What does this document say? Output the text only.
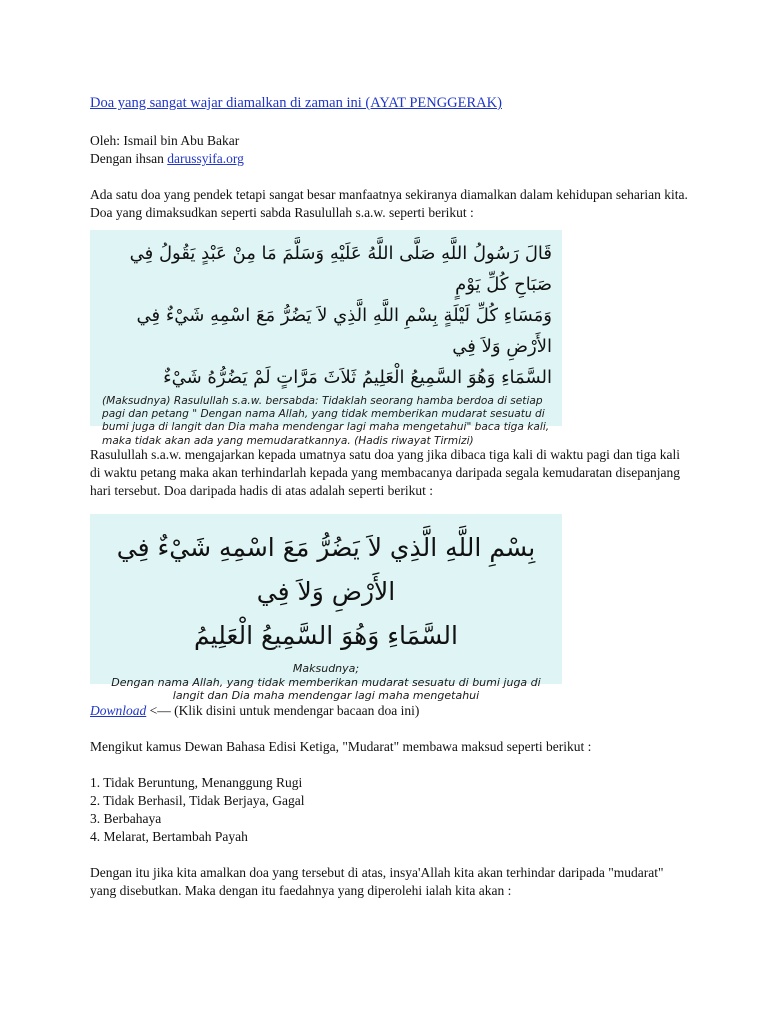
Doa yang sangat wajar diamalkan di zaman ini (AYAT PENGGERAK)

Oleh: Ismail bin Abu Bakar

Dengan ihsan darussyifa.org

Ada satu doa yang pendek tetapi sangat besar manfaatnya sekiranya diamalkan dalam kehidupan seharian kita. Doa yang dimaksudkan seperti sabda Rasulullah s.a.w. seperti berikut :

قَالَ رَسُولُ اللَّهِ صَلَّى اللَّهُ عَلَيْهِ وَسَلَّمَ مَا مِنْ عَبْدٍ يَقُولُ فِي صَبَاحِ كُلِّ يَوْمٍ
وَمَسَاءِ كُلِّ لَيْلَةٍ بِسْمِ اللَّهِ الَّذِي لاَ يَضُرُّ مَعَ اسْمِهِ شَيْءٌ فِي الأَرْضِ وَلاَ فِي
السَّمَاءِ وَهُوَ السَّمِيعُ الْعَلِيمُ ثَلاَثَ مَرَّاتٍ لَمْ يَضُرُّهُ شَيْءٌ
(Maksudnya) Rasulullah s.a.w. bersabda: Tidaklah seorang hamba berdoa di setiap pagi dan petang " Dengan nama Allah, yang tidak memberikan mudarat sesuatu di bumi juga di langit dan Dia maha mendengar lagi maha mengetahui" baca tiga kali, maka tidak akan ada yang memudaratkannya. (Hadis riwayat Tirmizi)

Rasulullah s.a.w. mengajarkan kepada umatnya satu doa yang jika dibaca tiga kali di waktu pagi dan tiga kali di waktu petang maka akan terhindarlah kepada yang membacanya daripada segala kemudaratan disepanjang hari tersebut. Doa daripada hadis di atas adalah seperti berikut :

بِسْمِ اللَّهِ الَّذِي لاَ يَضُرُّ مَعَ اسْمِهِ شَيْءٌ فِي الأَرْضِ وَلاَ فِي
السَّمَاءِ وَهُوَ السَّمِيعُ الْعَلِيمُ
Maksudnya;
Dengan nama Allah, yang tidak memberikan mudarat sesuatu di bumi juga di langit dan Dia maha mendengar lagi maha mengetahui

Download <— (Klik disini untuk mendengar bacaan doa ini)

Mengikut kamus Dewan Bahasa Edisi Ketiga, "Mudarat" membawa maksud seperti berikut :

1. Tidak Beruntung, Menanggung Rugi
2. Tidak Berhasil, Tidak Berjaya, Gagal
3. Berbahaya
4. Melarat, Bertambah Payah

Dengan itu jika kita amalkan doa yang tersebut di atas, insya'Allah kita akan terhindar daripada "mudarat" yang disebutkan. Maka dengan itu faedahnya yang diperolehi ialah kita akan :
